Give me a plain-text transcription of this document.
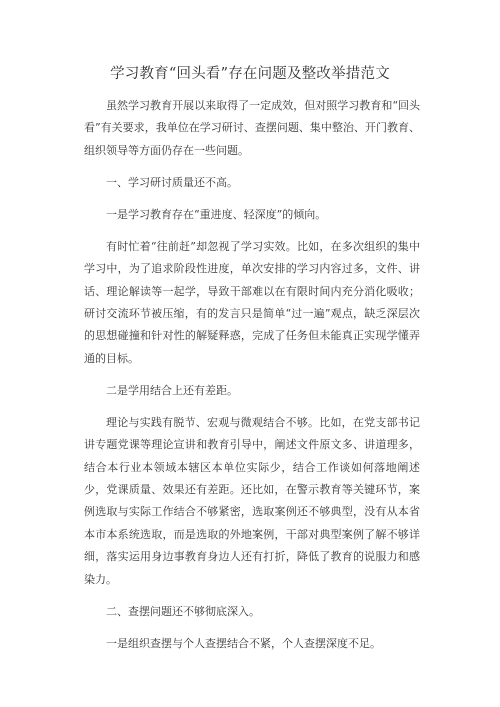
学习教育“回头看”存在问题及整改举措范文

虽然学习教育开展以来取得了一定成效，但对照学习教育和“回头看”有关要求，我单位在学习研讨、查摆问题、集中整治、开门教育、组织领导等方面仍存在一些问题。

一、学习研讨质量还不高。

一是学习教育存在“重进度、轻深度”的倾向。

有时忙着“往前赶”却忽视了学习实效。比如，在多次组织的集中学习中，为了追求阶段性进度，单次安排的学习内容过多，文件、讲话、理论解读等一起学，导致干部难以在有限时间内充分消化吸收；研讨交流环节被压缩，有的发言只是简单“过一遍”观点，缺乏深层次的思想碰撞和针对性的解疑释惑，完成了任务但未能真正实现学懂弄通的目标。

二是学用结合上还有差距。

理论与实践有脱节、宏观与微观结合不够。比如，在党支部书记讲专题党课等理论宣讲和教育引导中，阐述文件原文多、讲道理多，结合本行业本领域本辖区本单位实际少，结合工作谈如何落地阐述少，党课质量、效果还有差距。还比如，在警示教育等关键环节，案例选取与实际工作结合不够紧密，选取案例还不够典型，没有从本省本市本系统选取，而是选取的外地案例，干部对典型案例了解不够详细，落实运用身边事教育身边人还有打折，降低了教育的说服力和感染力。

二、查摆问题还不够彻底深入。

一是组织查摆与个人查摆结合不紧，个人查摆深度不足。
